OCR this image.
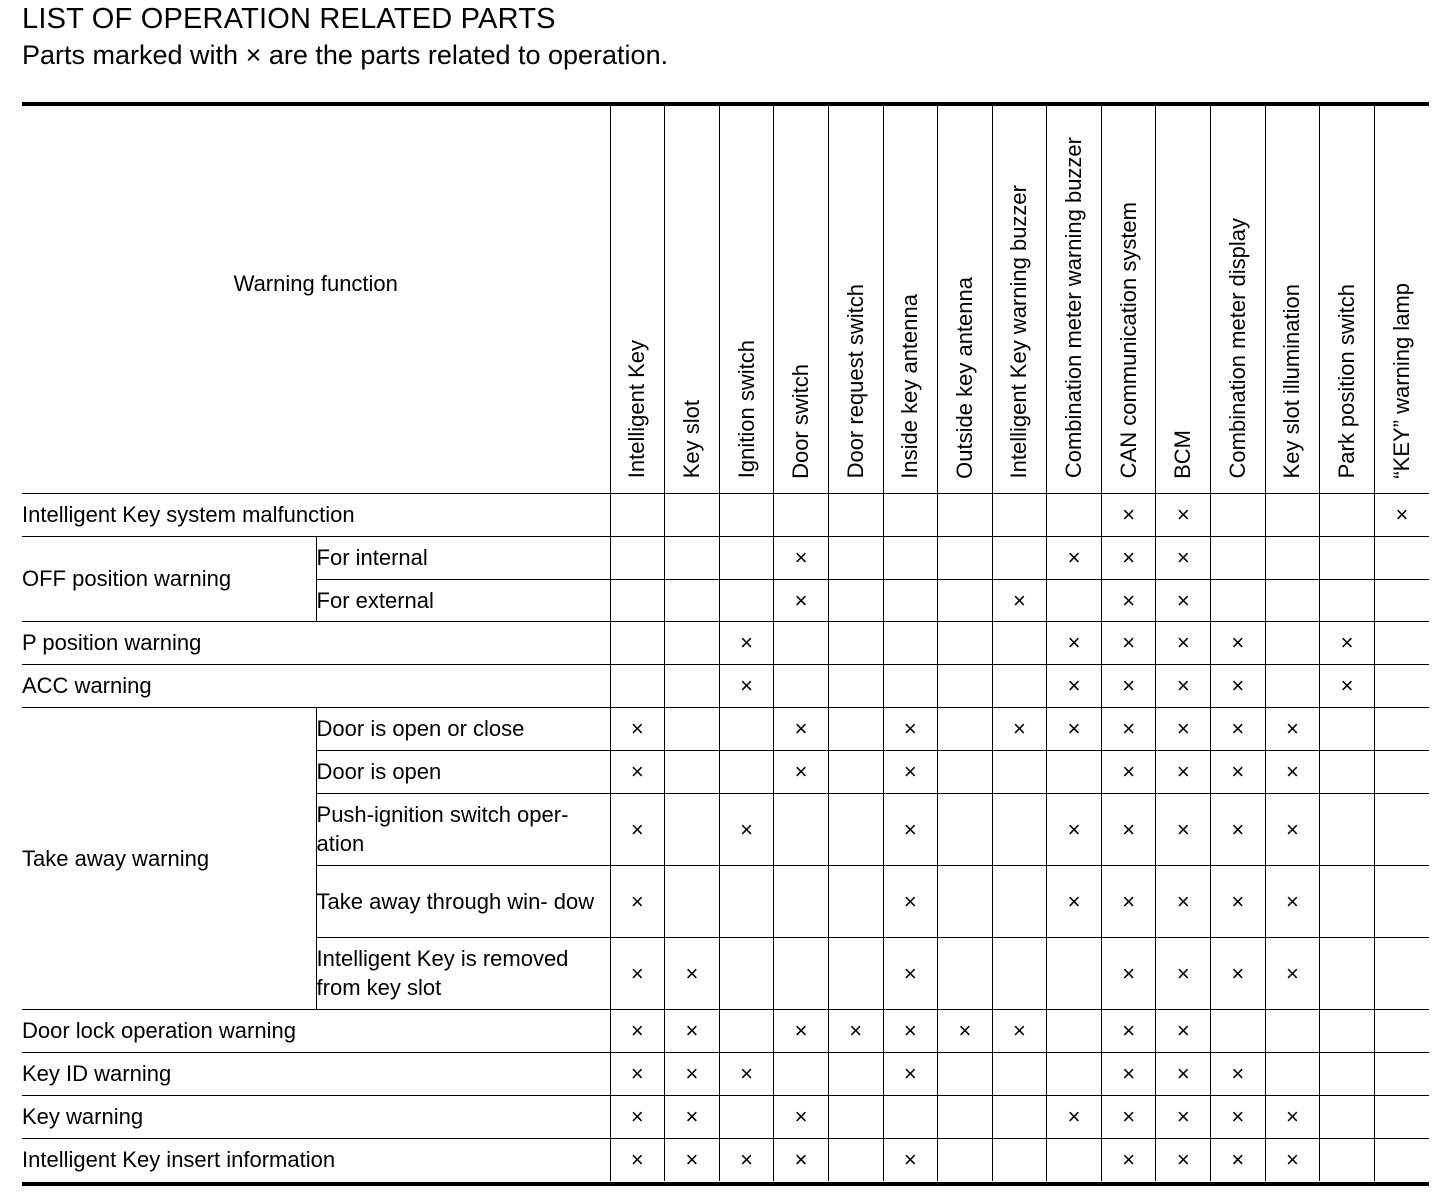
LIST OF OPERATION RELATED PARTS
Parts marked with × are the parts related to operation.
Warning function		Intelligent Key	Key slot	Ignition switch	Door switch	Door request switch	Inside key antenna	Outside key antenna	Intelligent Key warning buzzer	Combination meter warning buzzer	CAN communication system	BCM	Combination meter display	Key slot illumination	Park position switch	“KEY” warning lamp

Intelligent Key system malfunction											×	×				×
OFF position warning	For internal				×					×	×	×				
	For external				×				×		×	×				
P position warning				×						×	×	×	×		×	
ACC warning				×						×	×	×	×		×	
Take away warning	Door is open or close	×			×		×		×	×	×	×	×	×		
	Door is open	×			×		×				×	×	×	×		
	Push-ignition switch oper- ation	×		×			×			×	×	×	×	×		
	Take away through win- dow	×					×			×	×	×	×	×		
	Intelligent Key is removed from key slot	×	×				×				×	×	×	×		
Door lock operation warning		×	×		×	×	×	×	×		×	×				
Key ID warning		×	×	×			×				×	×	×			
Key warning		×	×		×					×	×	×	×	×		
Intelligent Key insert information		×	×	×	×		×				×	×	×	×		
